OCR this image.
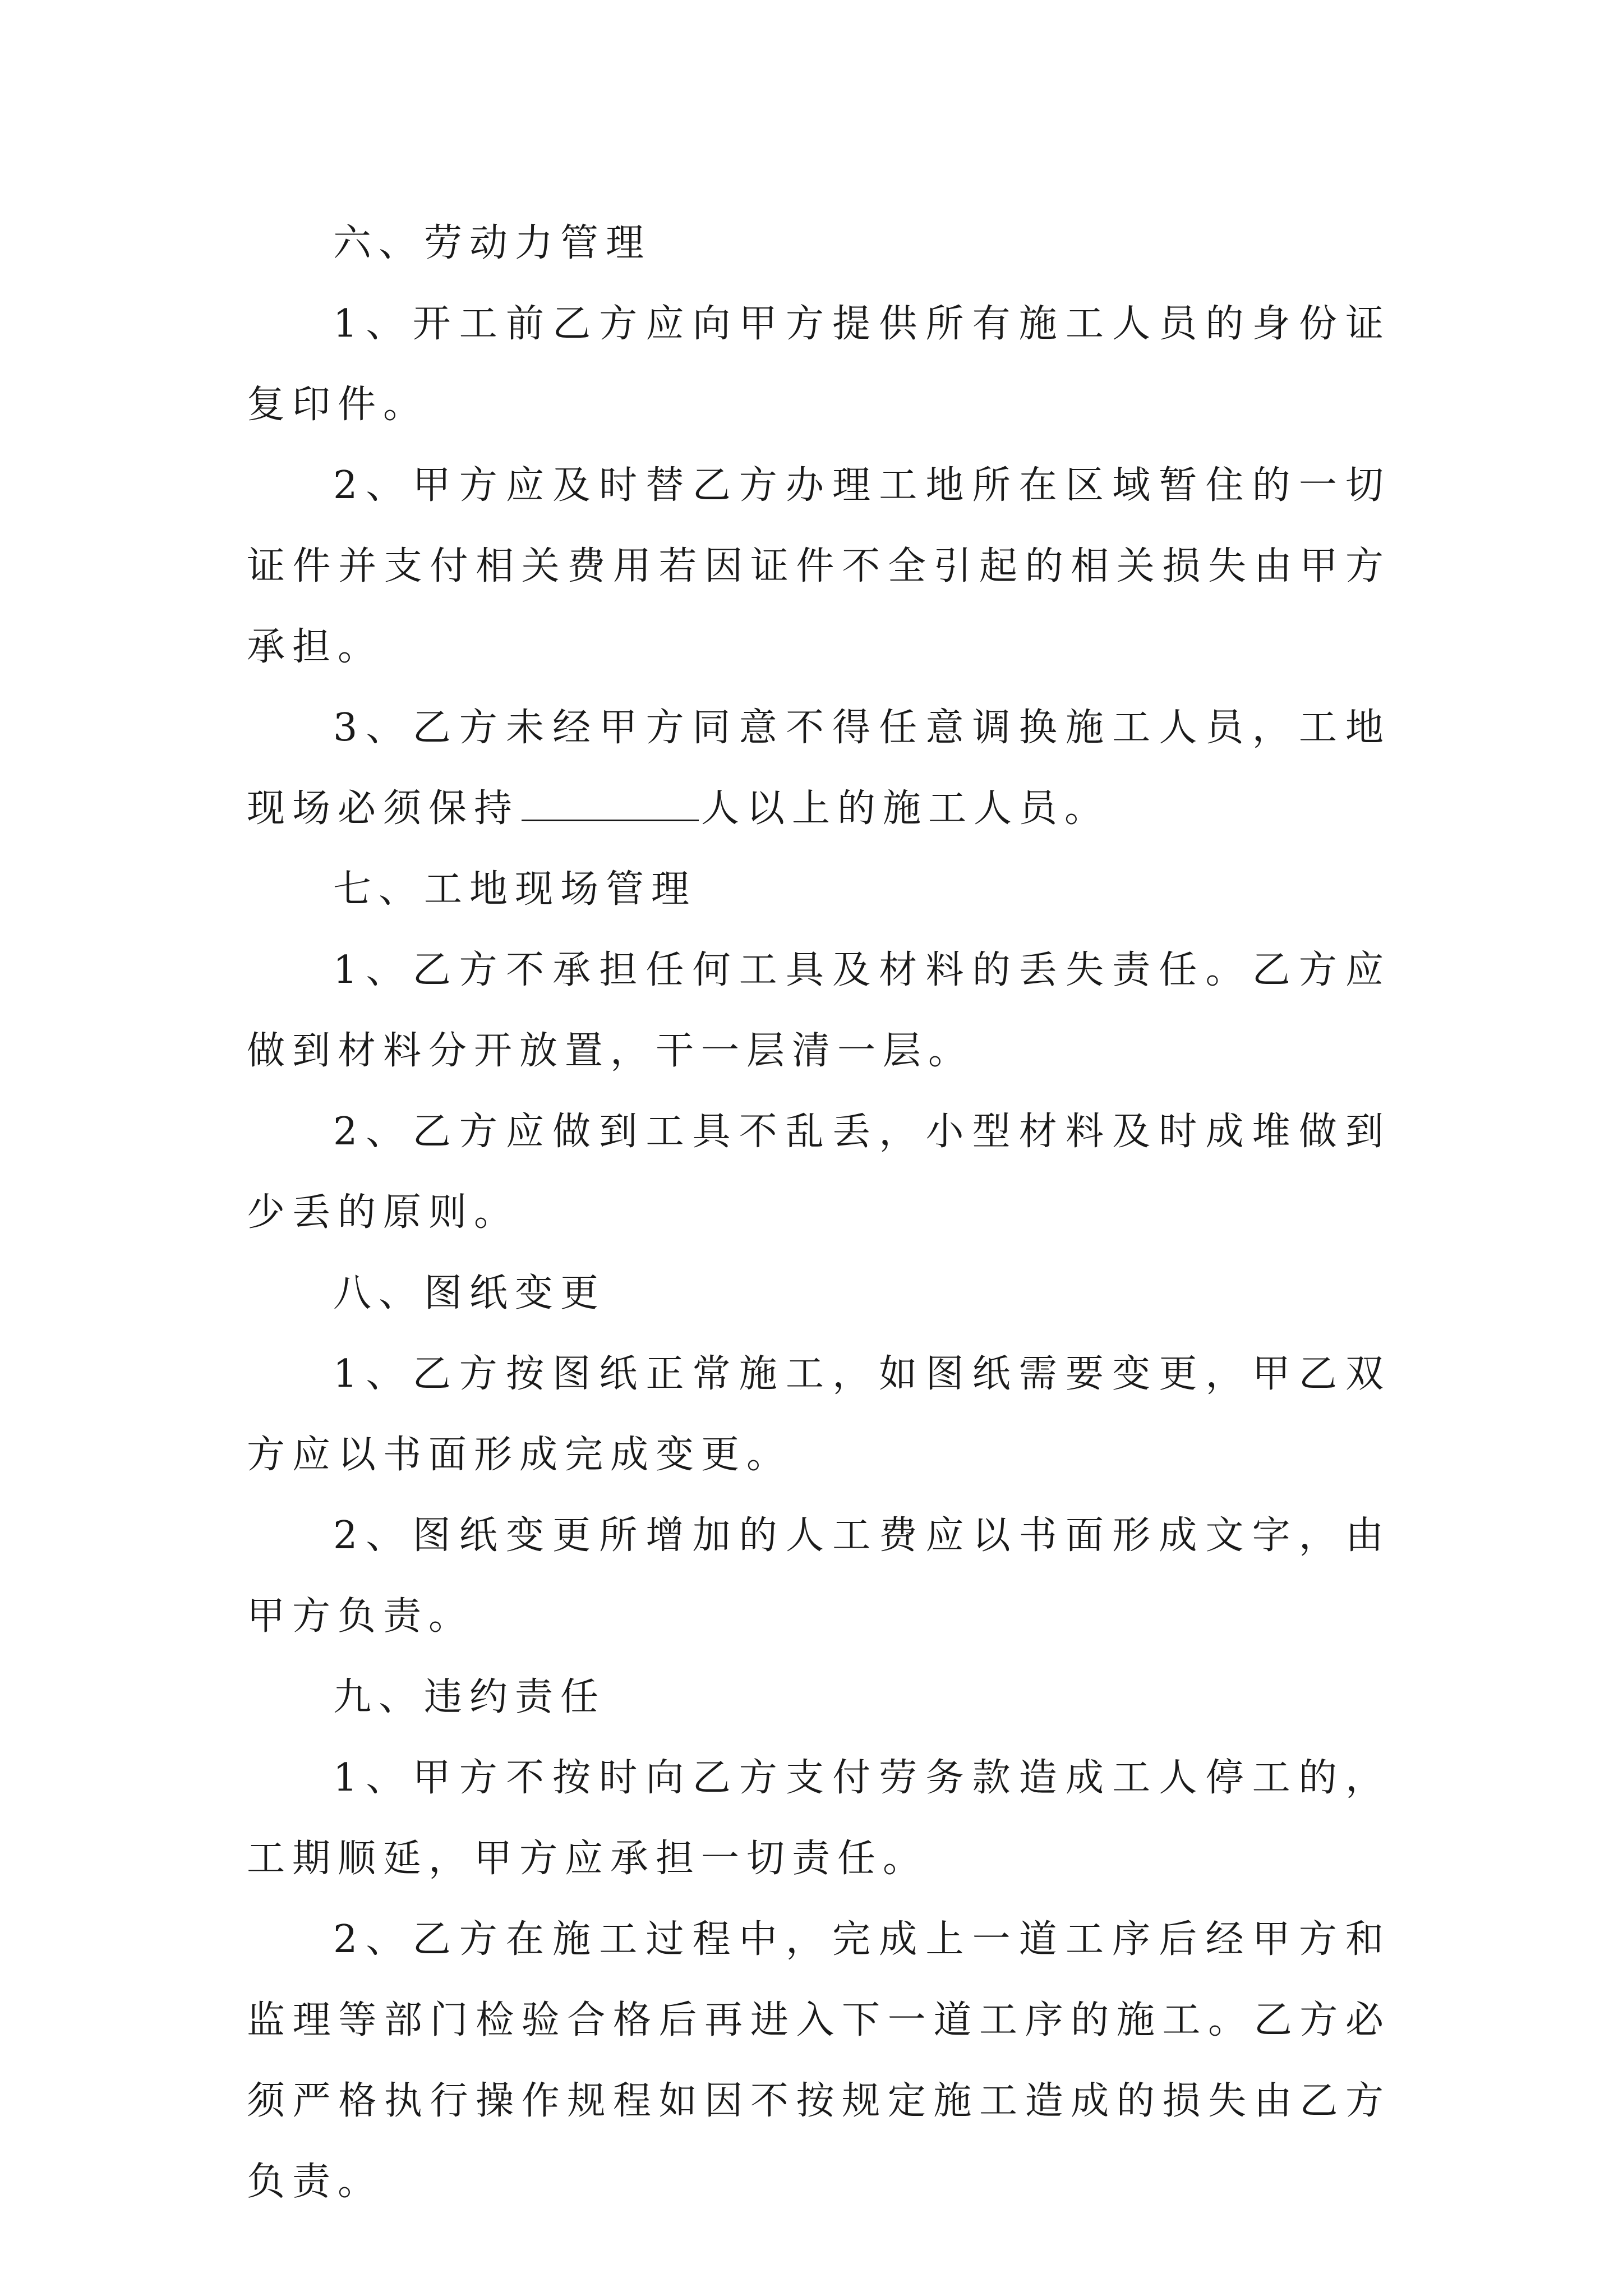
六、劳动力管理

1、开工前乙方应向甲方提供所有施工人员的身份证复印件。

2、甲方应及时替乙方办理工地所在区域暂住的一切证件并支付相关费用若因证件不全引起的相关损失由甲方承担。

3、乙方未经甲方同意不得任意调换施工人员，工地现场必须保持	人以上的施工人员。

七、工地现场管理

1、乙方不承担任何工具及材料的丢失责任。乙方应做到材料分开放置，干一层清一层。

2、乙方应做到工具不乱丢，小型材料及时成堆做到少丢的原则。

八、图纸变更

1、乙方按图纸正常施工，如图纸需要变更，甲乙双方应以书面形成完成变更。

2、图纸变更所增加的人工费应以书面形成文字，由甲方负责。

九、违约责任

1、甲方不按时向乙方支付劳务款造成工人停工的，工期顺延，甲方应承担一切责任。

2、乙方在施工过程中，完成上一道工序后经甲方和监理等部门检验合格后再进入下一道工序的施工。乙方必须严格执行操作规程如因不按规定施工造成的损失由乙方负责。
